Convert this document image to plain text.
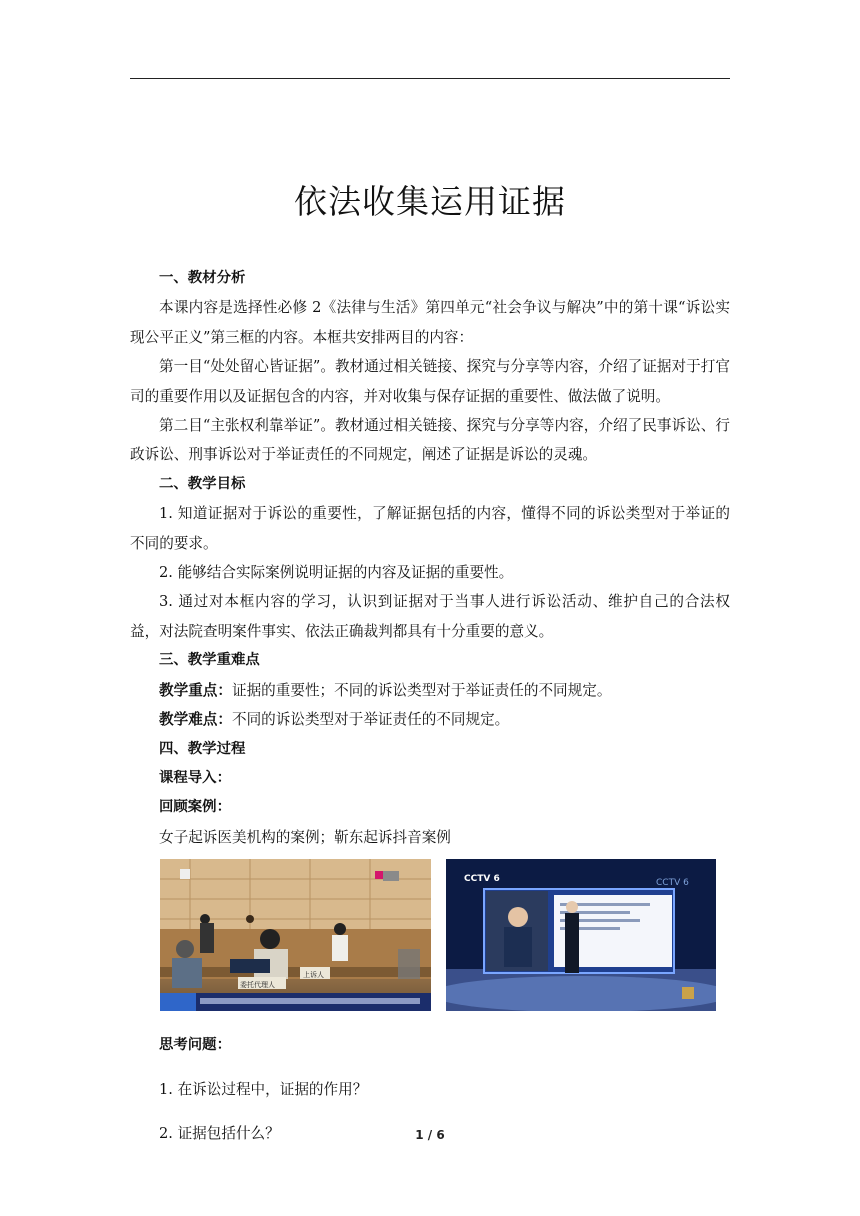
依法收集运用证据

一、教材分析

本课内容是选择性必修 2《法律与生活》第四单元“社会争议与解决”中的第十课“诉讼实现公平正义”第三框的内容。本框共安排两目的内容：

第一目“处处留心皆证据”。教材通过相关链接、探究与分享等内容，介绍了证据对于打官司的重要作用以及证据包含的内容，并对收集与保存证据的重要性、做法做了说明。

第二目“主张权利靠举证”。教材通过相关链接、探究与分享等内容，介绍了民事诉讼、行政诉讼、刑事诉讼对于举证责任的不同规定，阐述了证据是诉讼的灵魂。

二、教学目标

1. 知道证据对于诉讼的重要性，了解证据包括的内容，懂得不同的诉讼类型对于举证的不同的要求。

2. 能够结合实际案例说明证据的内容及证据的重要性。

3. 通过对本框内容的学习，认识到证据对于当事人进行诉讼活动、维护自己的合法权益，对法院查明案件事实、依法正确裁判都具有十分重要的意义。

三、教学重难点

教学重点：证据的重要性；不同的诉讼类型对于举证责任的不同规定。

教学难点：不同的诉讼类型对于举证责任的不同规定。

四、教学过程

课程导入：

回顾案例：

女子起诉医美机构的案例；靳东起诉抖音案例

委托代理人
上诉人
CCTV 6	CCTV 6

思考问题：

1. 在诉讼过程中，证据的作用？

2. 证据包括什么？	1 / 6
